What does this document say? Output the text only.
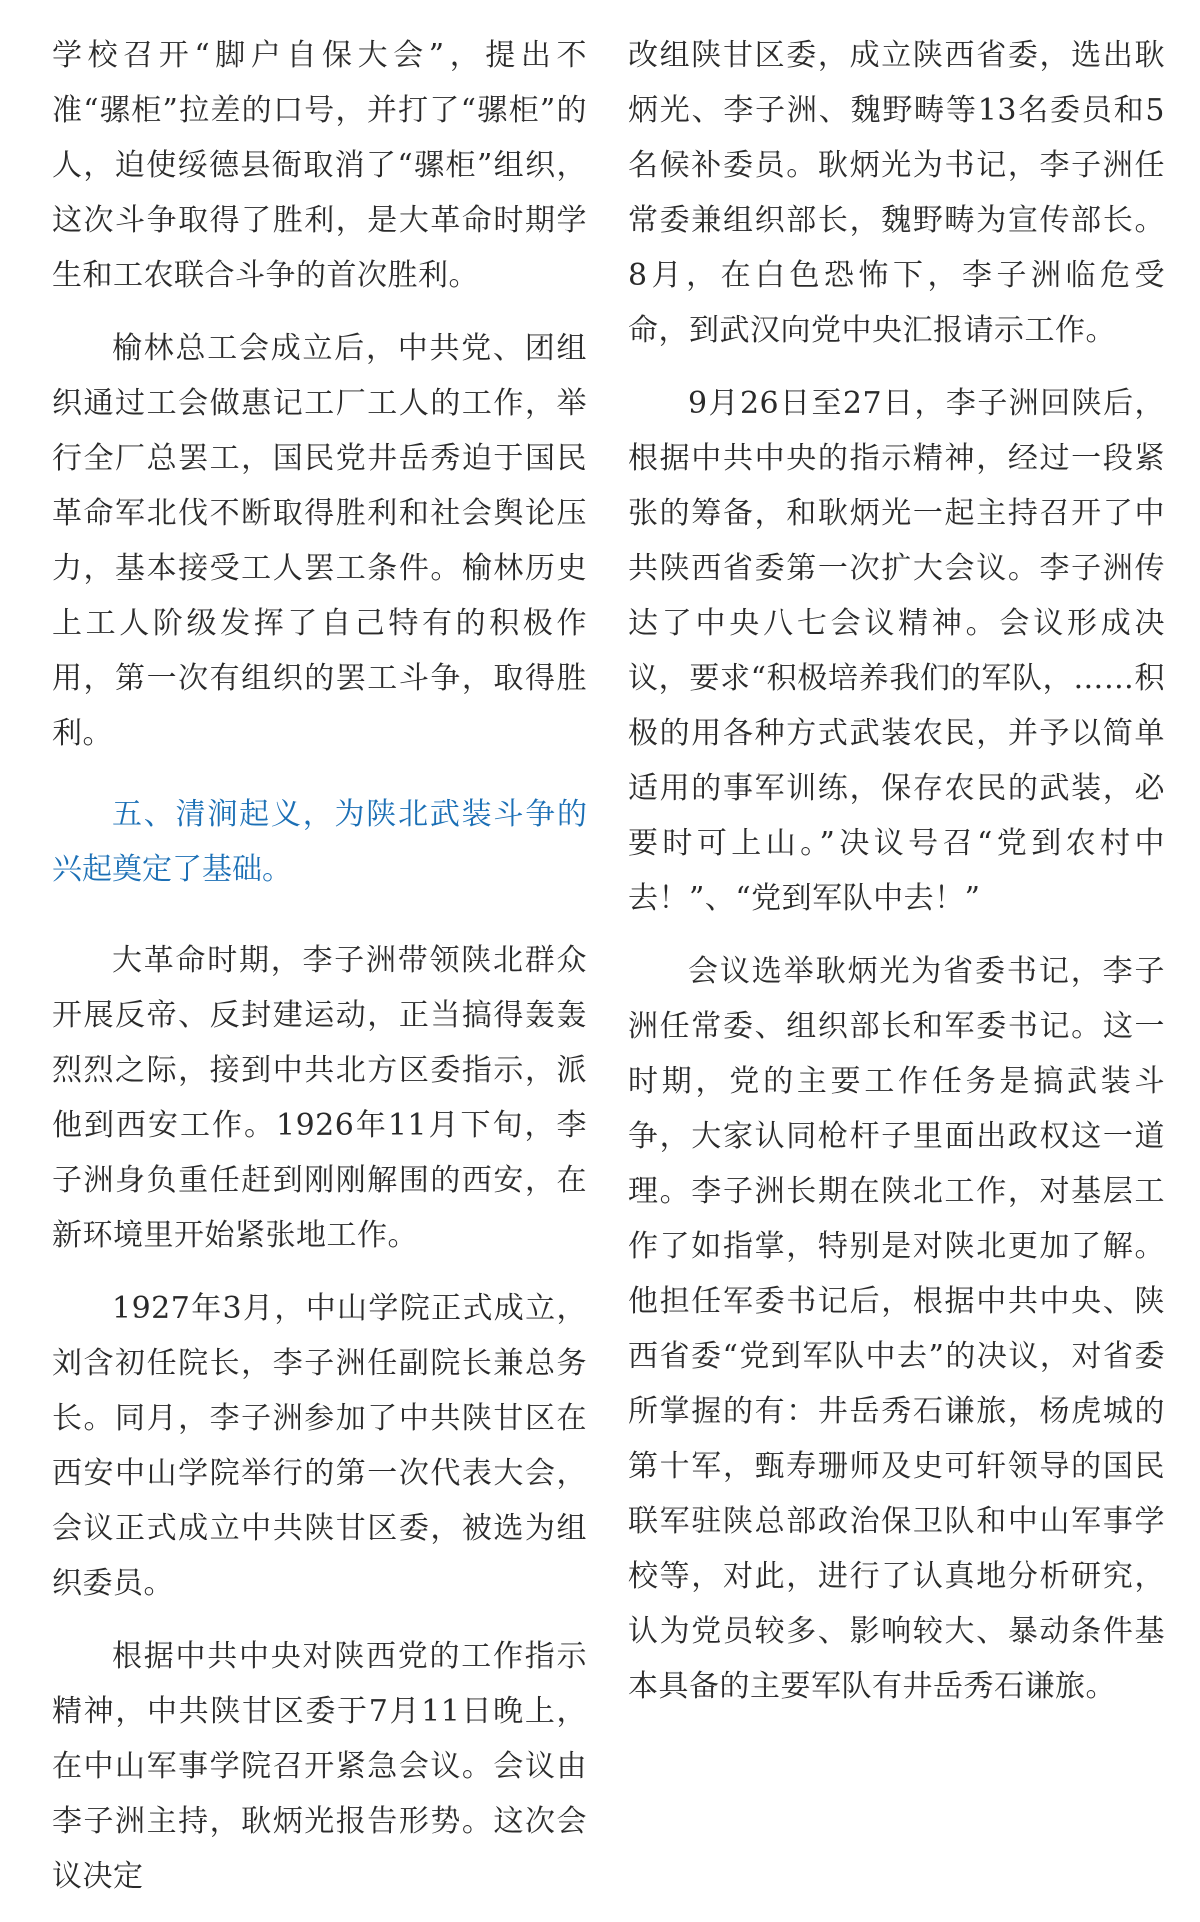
学校召开“脚户自保大会”，提出不准“骡柜”拉差的口号，并打了“骡柜”的人，迫使绥德县衙取消了“骡柜”组织，这次斗争取得了胜利，是大革命时期学生和工农联合斗争的首次胜利。

榆林总工会成立后，中共党、团组织通过工会做惠记工厂工人的工作，举行全厂总罢工，国民党井岳秀迫于国民革命军北伐不断取得胜利和社会舆论压力，基本接受工人罢工条件。榆林历史上工人阶级发挥了自己特有的积极作用，第一次有组织的罢工斗争，取得胜利。

五、清涧起义，为陕北武装斗争的兴起奠定了基础。

大革命时期，李子洲带领陕北群众开展反帝、反封建运动，正当搞得轰轰烈烈之际，接到中共北方区委指示，派他到西安工作。1926年11月下旬，李子洲身负重任赶到刚刚解围的西安，在新环境里开始紧张地工作。

1927年3月，中山学院正式成立，刘含初任院长，李子洲任副院长兼总务长。同月，李子洲参加了中共陕甘区在西安中山学院举行的第一次代表大会，会议正式成立中共陕甘区委，被选为组织委员。

根据中共中央对陕西党的工作指示精神，中共陕甘区委于7月11日晚上，在中山军事学院召开紧急会议。会议由李子洲主持，耿炳光报告形势。这次会议决定

改组陕甘区委，成立陕西省委，选出耿炳光、李子洲、魏野畴等13名委员和5名候补委员。耿炳光为书记，李子洲任常委兼组织部长，魏野畴为宣传部长。8月，在白色恐怖下，李子洲临危受命，到武汉向党中央汇报请示工作。

9月26日至27日，李子洲回陕后，根据中共中央的指示精神，经过一段紧张的筹备，和耿炳光一起主持召开了中共陕西省委第一次扩大会议。李子洲传达了中央八七会议精神。会议形成决议，要求“积极培养我们的军队，……积极的用各种方式武装农民，并予以简单适用的事军训练，保存农民的武装，必要时可上山。”决议号召“党到农村中去！”、“党到军队中去！”

会议选举耿炳光为省委书记，李子洲任常委、组织部长和军委书记。这一时期，党的主要工作任务是搞武装斗争，大家认同枪杆子里面出政权这一道理。李子洲长期在陕北工作，对基层工作了如指掌，特别是对陕北更加了解。他担任军委书记后，根据中共中央、陕西省委“党到军队中去”的决议，对省委所掌握的有：井岳秀石谦旅，杨虎城的第十军，甄寿珊师及史可轩领导的国民联军驻陕总部政治保卫队和中山军事学校等，对此，进行了认真地分析研究，认为党员较多、影响较大、暴动条件基本具备的主要军队有井岳秀石谦旅。
